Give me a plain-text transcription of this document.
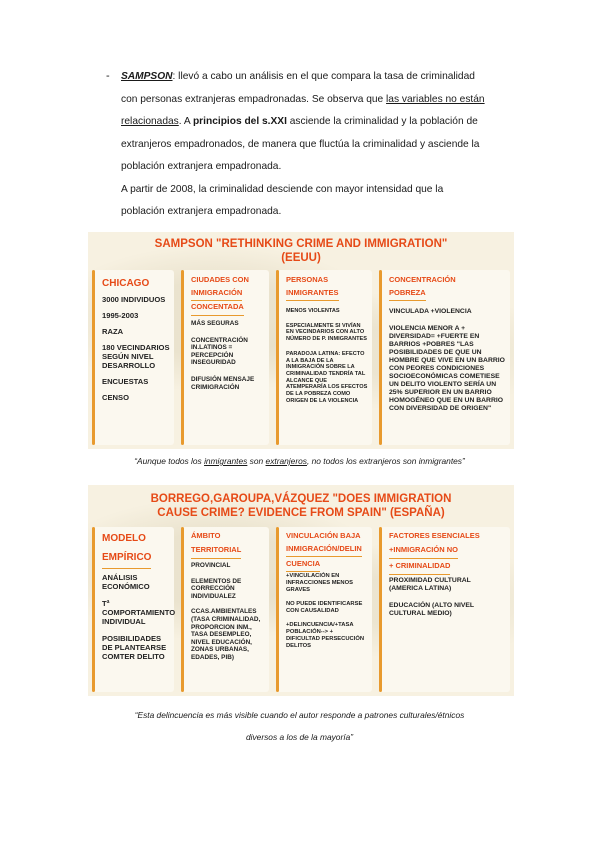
- SAMPSON: llevó a cabo un análisis en el que compara la tasa de criminalidad
con personas extranjeras empadronadas. Se observa que las variables no están
relacionadas. A principios del s.XXI asciende la criminalidad y la población de
extranjeros empadronados, de manera que fluctúa la criminalidad y asciende la
población extranjera empadronada.
A partir de 2008, la criminalidad desciende con mayor intensidad que la
población extranjera empadronada.
SAMPSON "RETHINKING CRIME AND IMMIGRATION"
(EEUU)
CHICAGO
3000 INDIVIDUOS
1995-2003
RAZA
180 VECINDARIOS SEGÚN NIVEL DESARROLLO
ENCUESTAS
CENSO
CIUDADES CON
INMIGRACIÓN
CONCENTADA
MÁS SEGURAS
CONCENTRACIÓN IN.LATINOS = PERCEPCIÓN INSEGURIDAD
DIFUSIÓN MENSAJE CRIMIGRACIÓN
PERSONAS
INMIGRANTES
MENOS VIOLENTAS
ESPECIALMENTE SI VIVÍAN EN VECINDARIOS CON ALTO NÚMERO DE P. INMIGRANTES
PARADOJA LATINA: EFECTO A LA BAJA DE LA INMIGRACIÓN SOBRE LA CRIMINALIDAD TENDRÍA TAL ALCANCE QUE ATEMPERARÍA LOS EFECTOS DE LA POBREZA COMO ORIGEN DE LA VIOLENCIA
CONCENTRACIÓN
POBREZA
VINCULADA +VIOLENCIA
VIOLENCIA MENOR A + DIVERSIDAD= +FUERTE EN BARRIOS +POBRES "LAS POSIBILIDADES DE QUE UN HOMBRE QUE VIVE EN UN BARRIO CON PEORES CONDICIONES SOCIOECONÓMICAS COMETIESE UN DELITO VIOLENTO SERÍA UN 25% SUPERIOR EN UN BARRIO HOMOGÉNEO QUE EN UN BARRIO CON DIVERSIDAD DE ORIGEN"
“Aunque todos los inmigrantes son extranjeros, no todos los extranjeros son inmigrantes”
BORREGO,GAROUPA,VÁZQUEZ "DOES IMMIGRATION
CAUSE CRIME? EVIDENCE FROM SPAIN" (ESPAÑA)
MODELO
EMPÍRICO
ANÁLISIS ECONÓMICO
Tª COMPORTAMIENTO INDIVIDUAL
POSIBILIDADES DE PLANTEARSE COMTER DELITO
ÁMBITO
TERRITORIAL
PROVINCIAL
ELEMENTOS DE CORRECCIÓN INDIVIDUALEZ
CCAS.AMBIENTALES (TASA CRIMINALIDAD, PROPORCION INM., TASA DESEMPLEO, NIVEL EDUCACIÓN, ZONAS URBANAS, EDADES, PIB)
VINCULACIÓN BAJA
INMIGRACIÓN/DELIN
CUENCIA
+VINCULACIÓN EN INFRACCIONES MENOS GRAVES
NO PUEDE IDENTIFICARSE CON CAUSALIDAD
+DELINCUENCIA/+TASA POBLACIÓN--> + DIFICULTAD PERSECUCIÓN DELITOS
FACTORES ESENCIALES
+INMIGRACIÓN NO
+ CRIMINALIDAD
PROXIMIDAD CULTURAL (AMERICA LATINA)
EDUCACIÓN (ALTO NIVEL CULTURAL MEDIO)
“Esta delincuencia es más visible cuando el autor responde a patrones culturales/étnicos
diversos a los de la mayoría”
